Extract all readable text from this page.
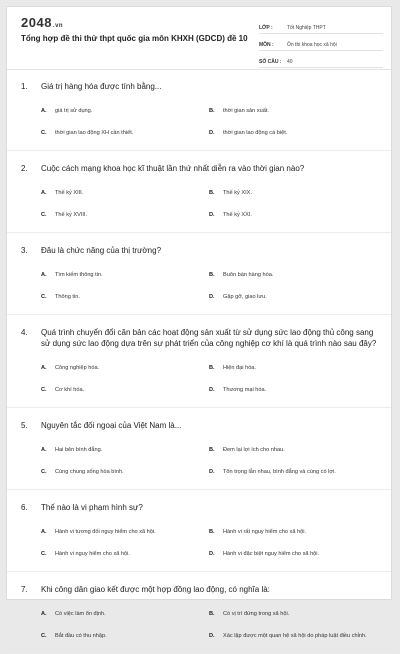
2048.vn
Tổng hợp đề thi thử thpt quốc gia môn KHXH (GDCD) đề 10
LỚP :	Tốt Nghiệp THPT
MÔN :	Ôn thi khoa học xã hội
SỐ CÂU :	40
1.	Giá trị hàng hóa được tính bằng...
A.	giá trị sử dụng.	B.	thời gian sản xuất.
C.	thời gian lao động XH cần thiết.	D.	thời gian lao động cá biệt.
2.	Cuộc cách mạng khoa học kĩ thuật lần thứ nhất diễn ra vào thời gian nào?
A.	Thế kỷ XIII.	B.	Thế kỷ XIX.
C.	Thế kỷ XVIII.	D.	Thế kỷ XXI.
3.	Đâu là chức năng của thị trường?
A.	Tìm kiếm thông tin.	B.	Buôn bán hàng hóa.
C.	Thông tin.	D.	Gặp gỡ, giao lưu.
4.	Quá trình chuyển đổi căn bản các hoạt động sản xuất từ sử dụng sức lao động thủ công sang sử dụng sức lao động dựa trên sự phát triển của công nghiệp cơ khí là quá trình nào sau đây?
A.	Công nghiệp hóa.	B.	Hiện đại hóa.
C.	Cơ khí hóa.	D.	Thương mại hóa.
5.	Nguyên tắc đối ngoại của Việt Nam là...
A.	Hai bên bình đẳng.	B.	Đem lại lợi ích cho nhau.
C.	Cùng chung sống hòa bình.	D.	Tôn trọng lẫn nhau, bình đẳng và cùng có lợi.
6.	Thế nào là vi phạm hình sự?
A.	Hành vi tương đối nguy hiểm cho xã hội.	B.	Hành vi rất nguy hiểm cho xã hội.
C.	Hành vi nguy hiểm cho xã hội.	D.	Hành vi đặc biệt nguy hiểm cho xã hội.
7.	Khi công dân giao kết được một hợp đồng lao động, có nghĩa là:
A.	Có việc làm ổn định.	B.	Có vị trí đứng trong xã hội.
C.	Bắt đầu có thu nhập.	D.	Xác lập được một quan hệ xã hội do pháp luật điều chỉnh.
